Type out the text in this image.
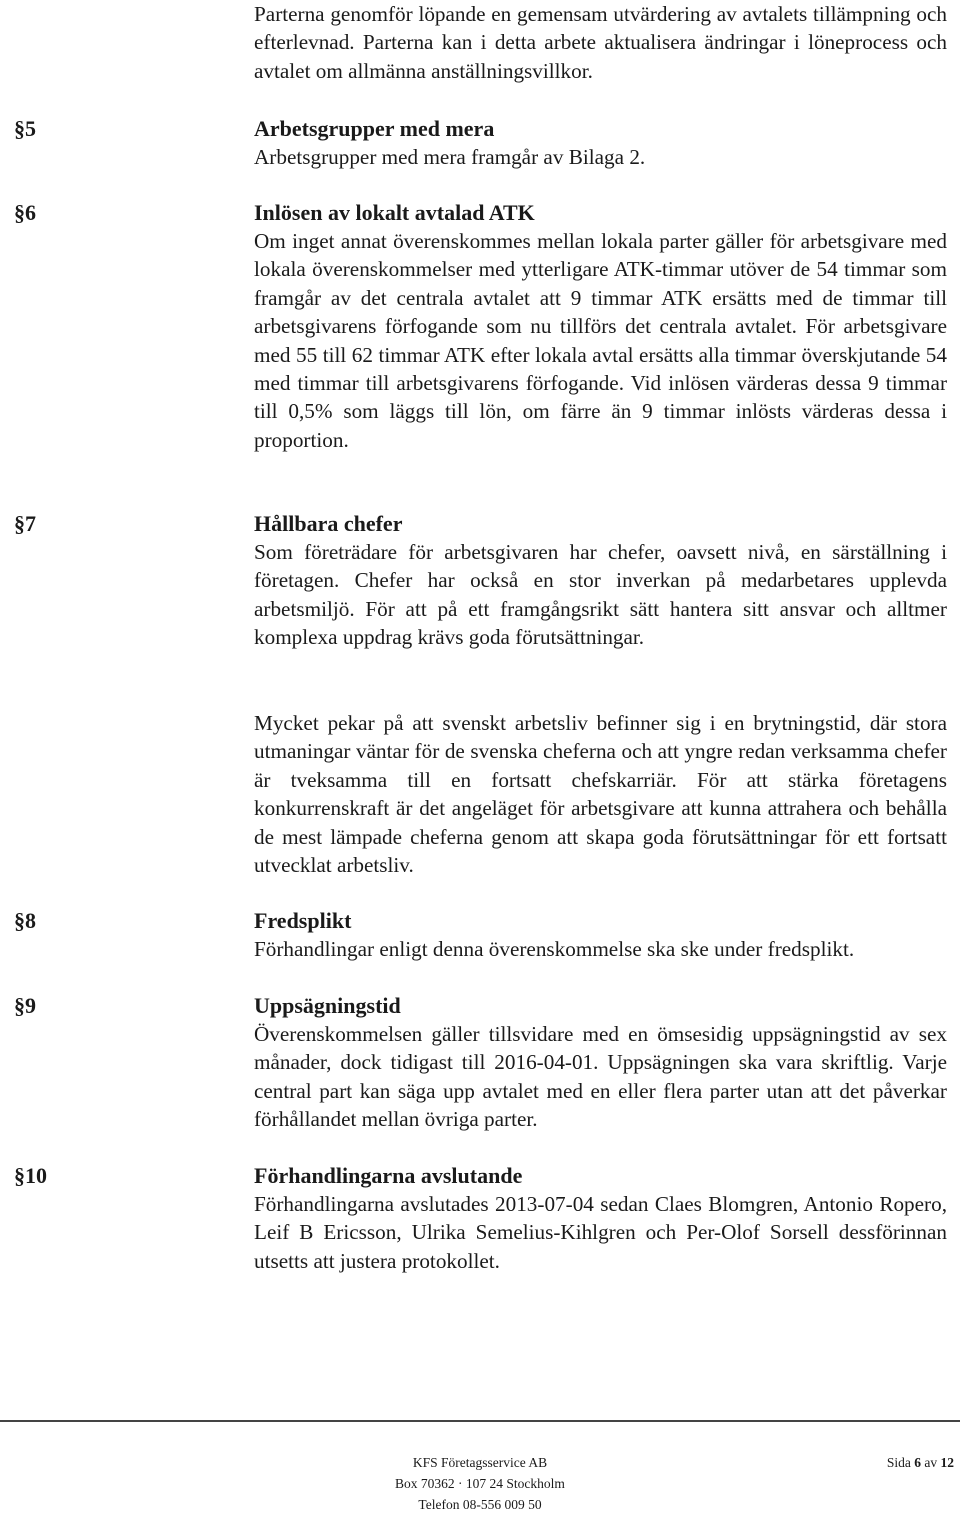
Parterna genomför löpande en gemensam utvärdering av avtalets tillämpning och efterlevnad. Parterna kan i detta arbete aktualisera ändringar i löneprocess och avtalet om allmänna anställningsvillkor.

§5	Arbetsgrupper med mera

Arbetsgrupper med mera framgår av Bilaga 2.

§6	Inlösen av lokalt avtalad ATK

Om inget annat överenskommes mellan lokala parter gäller för arbetsgivare med lokala överenskommelser med ytterligare ATK-timmar utöver de 54 timmar som framgår av det centrala avtalet att 9 timmar ATK ersätts med de timmar till arbetsgivarens förfogande som nu tillförs det centrala avtalet. För arbetsgivare med 55 till 62 timmar ATK efter lokala avtal ersätts alla timmar överskjutande 54 med timmar till arbetsgivarens förfogande. Vid inlösen värderas dessa 9 timmar till 0,5% som läggs till lön, om färre än 9 timmar inlösts värderas dessa i proportion.

§7	Hållbara chefer

Som företrädare för arbetsgivaren har chefer, oavsett nivå, en särställning i företagen. Chefer har också en stor inverkan på medarbetares upplevda arbetsmiljö. För att på ett framgångsrikt sätt hantera sitt ansvar och alltmer komplexa uppdrag krävs goda förutsättningar.

Mycket pekar på att svenskt arbetsliv befinner sig i en brytningstid, där stora utmaningar väntar för de svenska cheferna och att yngre redan verksamma chefer är tveksamma till en fortsatt chefskarriär. För att stärka företagens konkurrenskraft är det angeläget för arbetsgivare att kunna attrahera och behålla de mest lämpade cheferna genom att skapa goda förutsättningar för ett fortsatt utvecklat arbetsliv.

§8	Fredsplikt

Förhandlingar enligt denna överenskommelse ska ske under fredsplikt.

§9	Uppsägningstid

Överenskommelsen gäller tillsvidare med en ömsesidig uppsägningstid av sex månader, dock tidigast till 2016-04-01. Uppsägningen ska vara skriftlig. Varje central part kan säga upp avtalet med en eller flera parter utan att det påverkar förhållandet mellan övriga parter.

§10	Förhandlingarna avslutande

Förhandlingarna avslutades 2013-07-04 sedan Claes Blomgren, Antonio Ropero, Leif B Ericsson, Ulrika Semelius-Kihlgren och Per-Olof Sorsell dessförinnan utsetts att justera protokollet.

KFS Företagsservice AB
Box 70362 · 107 24 Stockholm
Telefon 08-556 009 50
Sida 6 av 12
